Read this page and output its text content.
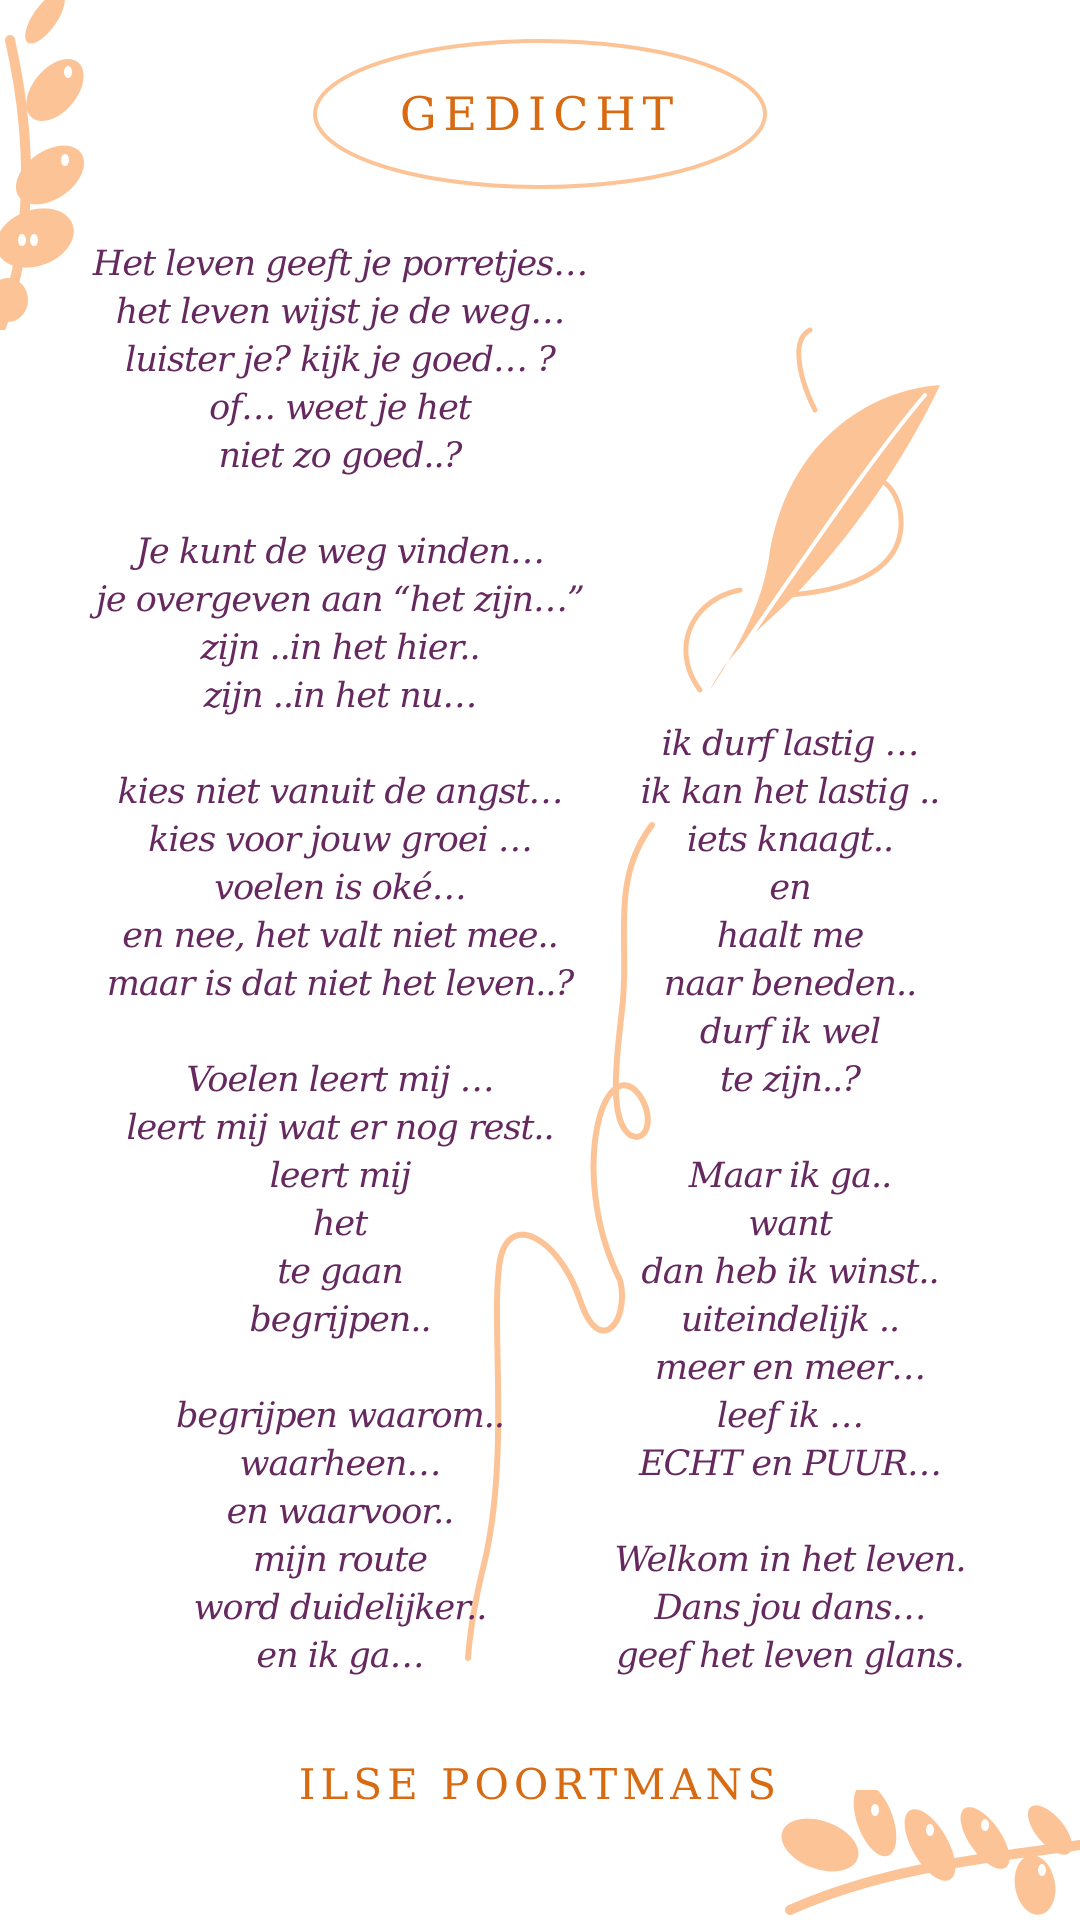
GEDICHT
Het leven geeft je porretjes…
het leven wijst je de weg…
luister je? kijk je goed… ?
of… weet je het
niet zo goed..?
Je kunt de weg vinden…
je overgeven aan “het zijn…”
zijn ..in het hier..
zijn ..in het nu…
kies niet vanuit de angst…
kies voor jouw groei …
voelen is oké…
en nee, het valt niet mee..
maar is dat niet het leven..?
Voelen leert mij …
leert mij wat er nog rest..
leert mij
het
te gaan
begrijpen..
begrijpen waarom..
waarheen…
en waarvoor..
mijn route
word duidelijker..
en ik ga…
ik durf lastig …
ik kan het lastig ..
iets knaagt..
en
haalt me
naar beneden..
durf ik wel
te zijn..?
Maar ik ga..
want
dan heb ik winst..
uiteindelijk ..
meer en meer…
leef ik …
ECHT en PUUR…
Welkom in het leven.
Dans jou dans…
geef het leven glans.
ILSE POORTMANS
